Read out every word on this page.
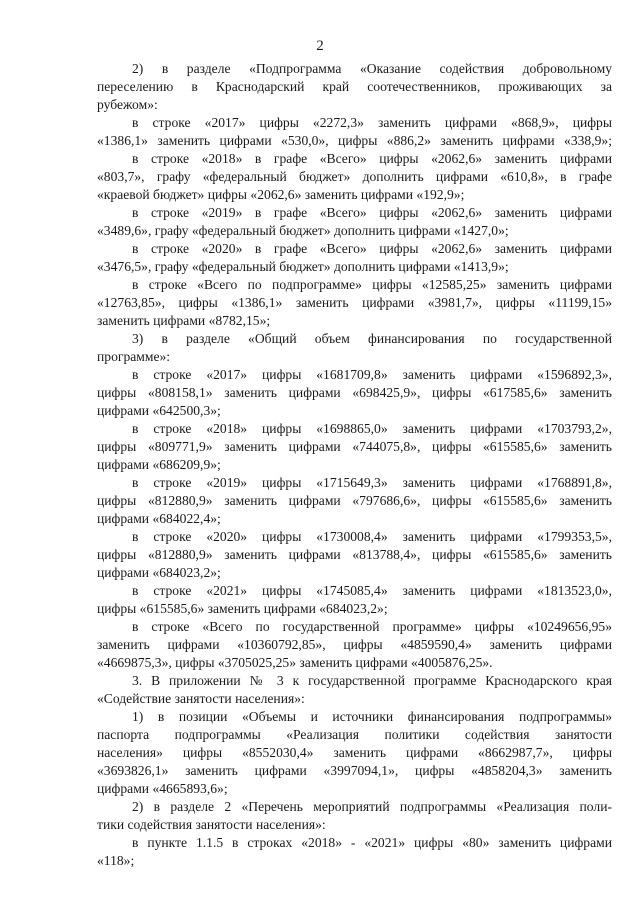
2
2) в разделе «Подпрограмма «Оказание содействия добровольному
переселению в Краснодарский край соотечественников, проживающих за
рубежом»:
в строке «2017» цифры «2272,3» заменить цифрами «868,9», цифры
«1386,1» заменить цифрами «530,0», цифры «886,2» заменить цифрами «338,9»;
в строке «2018» в графе «Всего» цифры «2062,6» заменить цифрами
«803,7», графу «федеральный бюджет» дополнить цифрами «610,8», в графе
«краевой бюджет» цифры «2062,6» заменить цифрами «192,9»;
в строке «2019» в графе «Всего» цифры «2062,6» заменить цифрами
«3489,6», графу «федеральный бюджет» дополнить цифрами «1427,0»;
в строке «2020» в графе «Всего» цифры «2062,6» заменить цифрами
«3476,5», графу «федеральный бюджет» дополнить цифрами «1413,9»;
в строке «Всего по подпрограмме» цифры «12585,25» заменить цифрами
«12763,85», цифры «1386,1» заменить цифрами «3981,7», цифры «11199,15»
заменить цифрами «8782,15»;
3) в разделе «Общий объем финансирования по государственной
программе»:
в строке «2017» цифры «1681709,8» заменить цифрами «1596892,3»,
цифры «808158,1» заменить цифрами «698425,9», цифры «617585,6» заменить
цифрами «642500,3»;
в строке «2018» цифры «1698865,0» заменить цифрами «1703793,2»,
цифры «809771,9» заменить цифрами «744075,8», цифры «615585,6» заменить
цифрами «686209,9»;
в строке «2019» цифры «1715649,3» заменить цифрами «1768891,8»,
цифры «812880,9» заменить цифрами «797686,6», цифры «615585,6» заменить
цифрами «684022,4»;
в строке «2020» цифры «1730008,4» заменить цифрами «1799353,5»,
цифры «812880,9» заменить цифрами «813788,4», цифры «615585,6» заменить
цифрами «684023,2»;
в строке «2021» цифры «1745085,4» заменить цифрами «1813523,0»,
цифры «615585,6» заменить цифрами «684023,2»;
в строке «Всего по государственной программе» цифры «10249656,95»
заменить цифрами «10360792,85», цифры «4859590,4» заменить цифрами
«4669875,3», цифры «3705025,25» заменить цифрами «4005876,25».
3. В приложении № 3 к государственной программе Краснодарского края
«Содействие занятости населения»:
1) в позиции «Объемы и источники финансирования подпрограммы»
паспорта подпрограммы «Реализация политики содействия занятости
населения» цифры «8552030,4» заменить цифрами «8662987,7», цифры
«3693826,1» заменить цифрами «3997094,1», цифры «4858204,3» заменить
цифрами «4665893,6»;
2) в разделе 2 «Перечень мероприятий подпрограммы «Реализация поли-
тики содействия занятости населения»:
в пункте 1.1.5 в строках «2018» - «2021» цифры «80» заменить цифрами
«118»;
